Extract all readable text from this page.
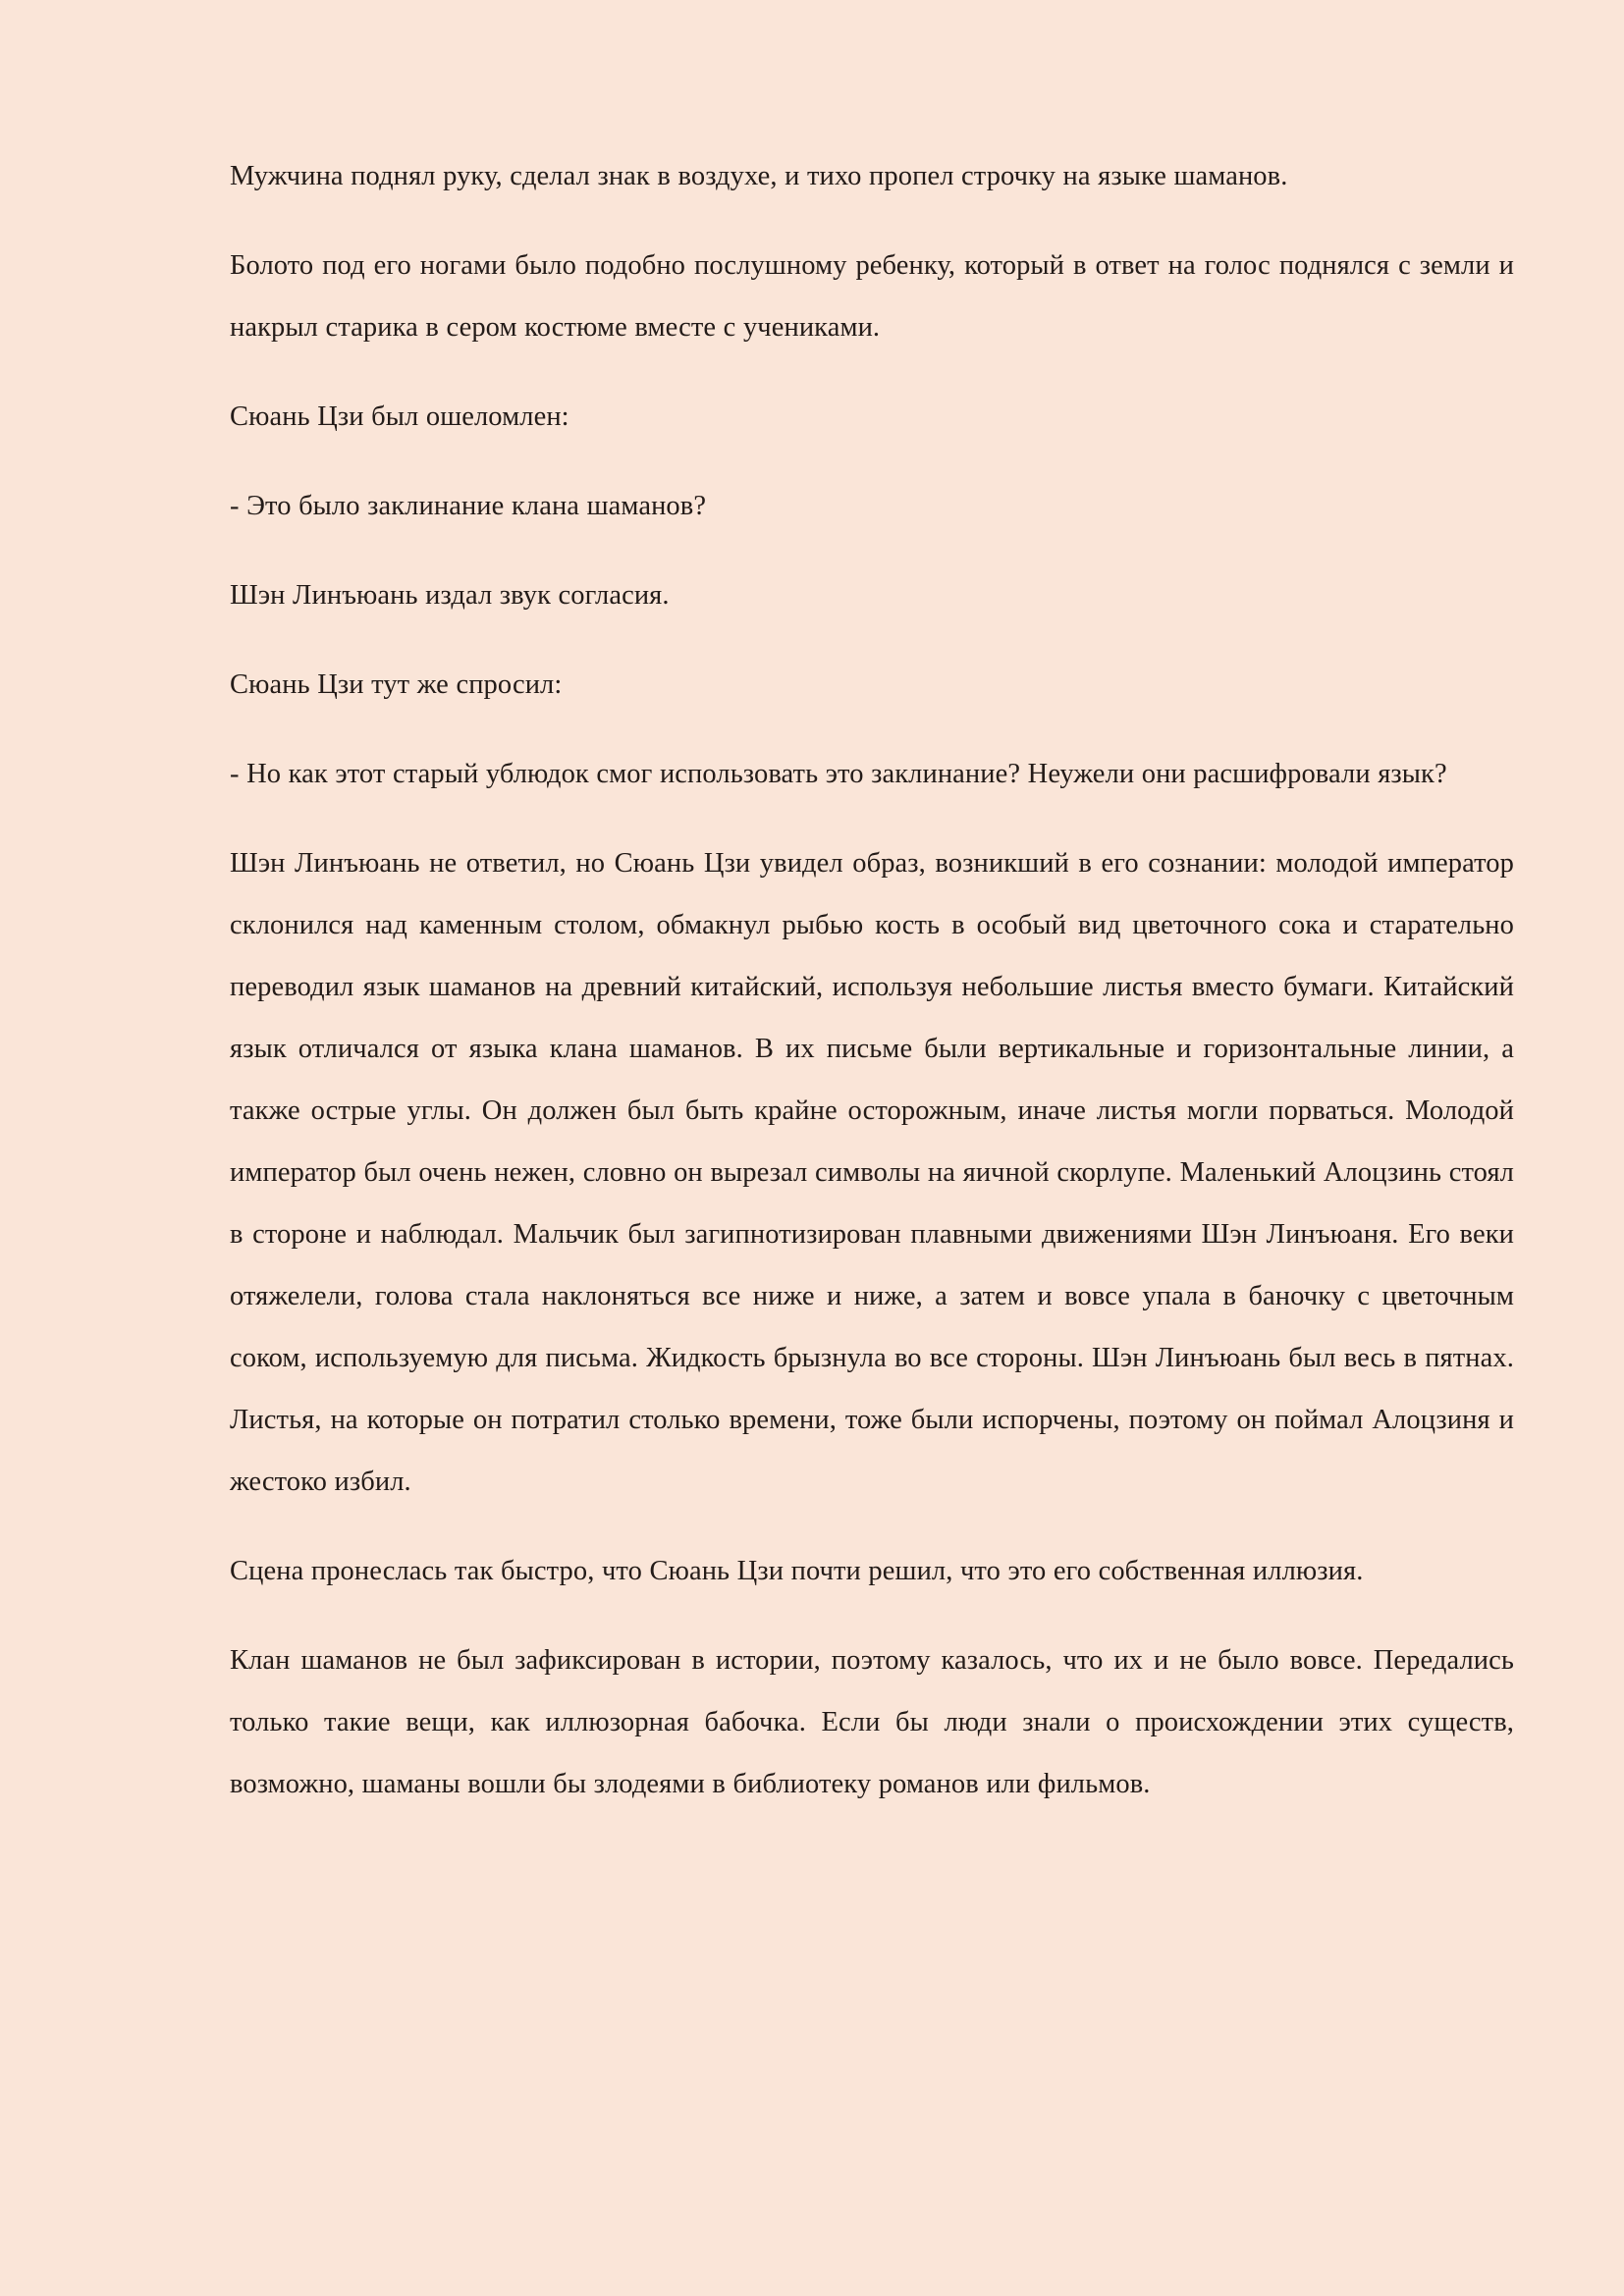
Мужчина поднял руку, сделал знак в воздухе, и тихо пропел строчку на языке шаманов.

Болото под его ногами было подобно послушному ребенку, который в ответ на голос поднялся с земли и накрыл старика в сером костюме вместе с учениками.

Сюань Цзи был ошеломлен:

- Это было заклинание клана шаманов?

Шэн Линъюань издал звук согласия.

Сюань Цзи тут же спросил:

- Но как этот старый ублюдок смог использовать это заклинание? Неужели они расшифровали язык?

Шэн Линъюань не ответил, но Сюань Цзи увидел образ, возникший в его сознании: молодой император склонился над каменным столом, обмакнул рыбью кость в особый вид цветочного сока и старательно переводил язык шаманов на древний китайский, используя небольшие листья вместо бумаги. Китайский язык отличался от языка клана шаманов. В их письме были вертикальные и горизонтальные линии, а также острые углы. Он должен был быть крайне осторожным, иначе листья могли порваться. Молодой император был очень нежен, словно он вырезал символы на яичной скорлупе. Маленький Алоцзинь стоял в стороне и наблюдал. Мальчик был загипнотизирован плавными движениями Шэн Линъюаня. Его веки отяжелели, голова стала наклоняться все ниже и ниже, а затем и вовсе упала в баночку с цветочным соком, используемую для письма. Жидкость брызнула во все стороны. Шэн Линъюань был весь в пятнах. Листья, на которые он потратил столько времени, тоже были испорчены, поэтому он поймал Алоцзиня и жестоко избил.

Сцена пронеслась так быстро, что Сюань Цзи почти решил, что это его собственная иллюзия.

Клан шаманов не был зафиксирован в истории, поэтому казалось, что их и не было вовсе. Передались только такие вещи, как иллюзорная бабочка. Если бы люди знали о происхождении этих существ, возможно, шаманы вошли бы злодеями в библиотеку романов или фильмов.
